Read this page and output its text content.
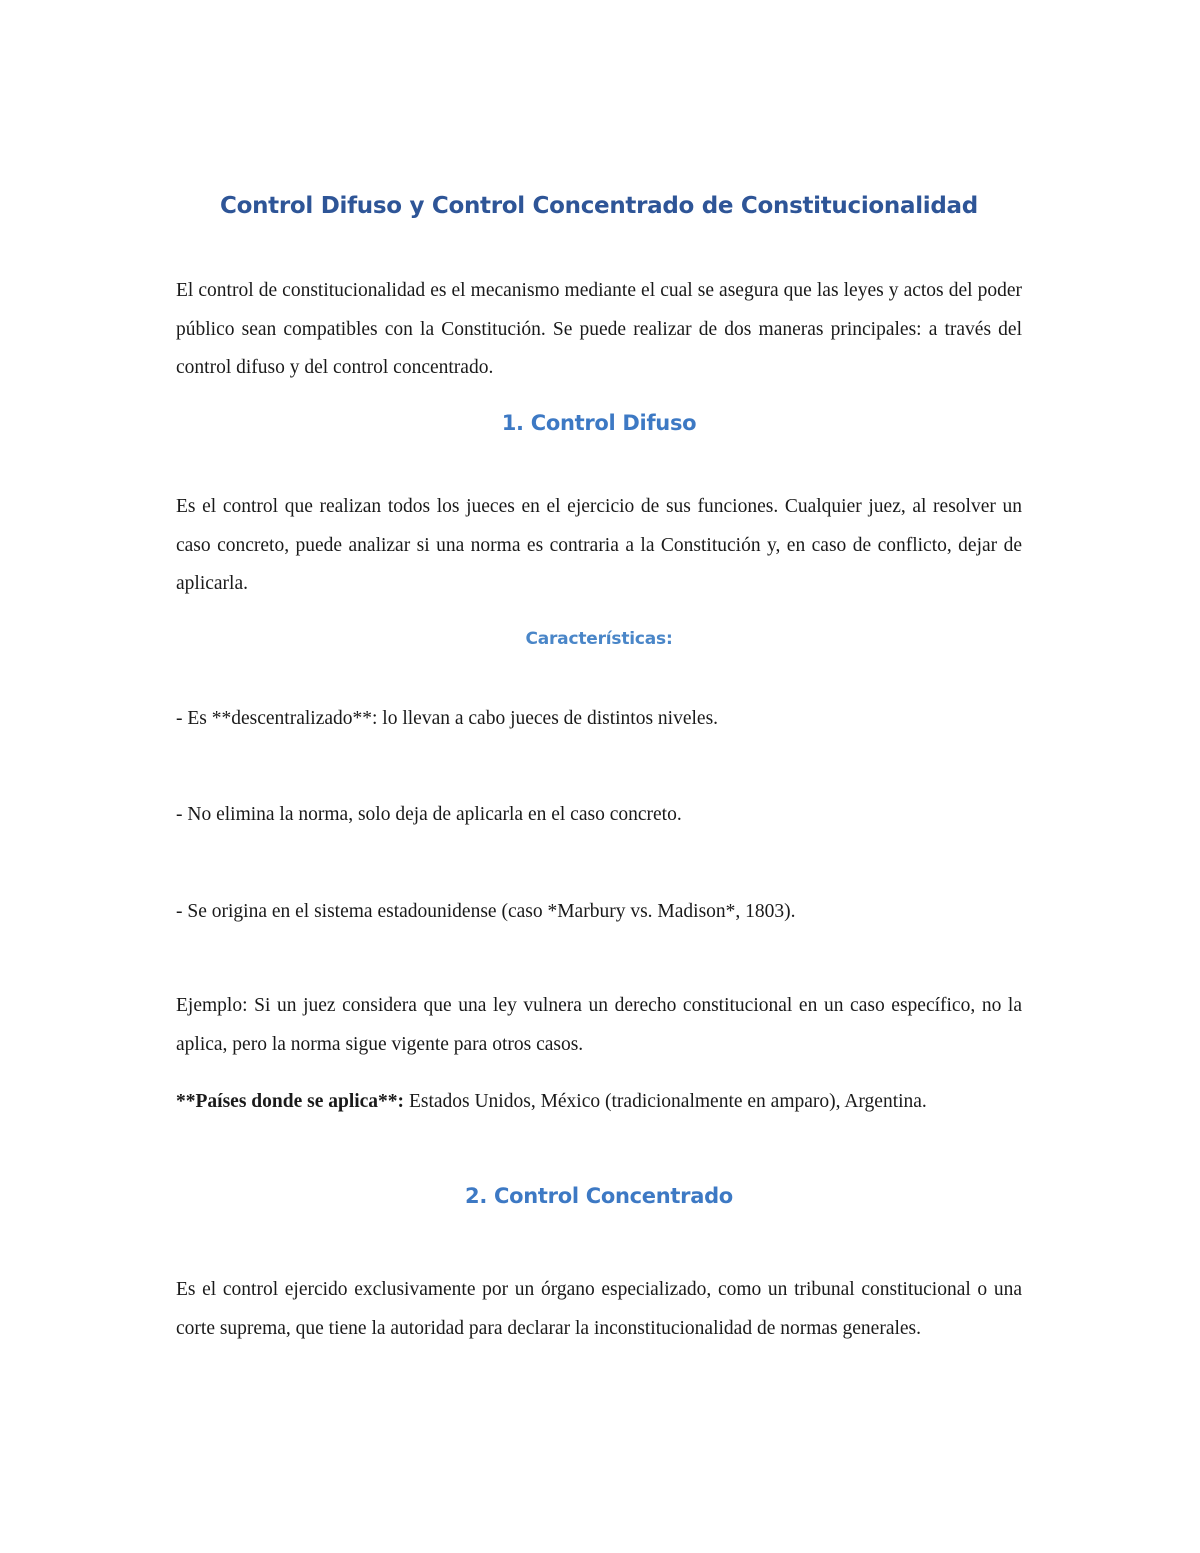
Control Difuso y Control Concentrado de Constitucionalidad

El control de constitucionalidad es el mecanismo mediante el cual se asegura que las leyes y actos del poder público sean compatibles con la Constitución. Se puede realizar de dos maneras principales: a través del control difuso y del control concentrado.

1. Control Difuso

Es el control que realizan todos los jueces en el ejercicio de sus funciones. Cualquier juez, al resolver un caso concreto, puede analizar si una norma es contraria a la Constitución y, en caso de conflicto, dejar de aplicarla.

Características:

- Es **descentralizado**: lo llevan a cabo jueces de distintos niveles.

- No elimina la norma, solo deja de aplicarla en el caso concreto.

- Se origina en el sistema estadounidense (caso *Marbury vs. Madison*, 1803).

Ejemplo: Si un juez considera que una ley vulnera un derecho constitucional en un caso específico, no la aplica, pero la norma sigue vigente para otros casos.

**Países donde se aplica**: Estados Unidos, México (tradicionalmente en amparo), Argentina.

2. Control Concentrado

Es el control ejercido exclusivamente por un órgano especializado, como un tribunal constitucional o una corte suprema, que tiene la autoridad para declarar la inconstitucionalidad de normas generales.
